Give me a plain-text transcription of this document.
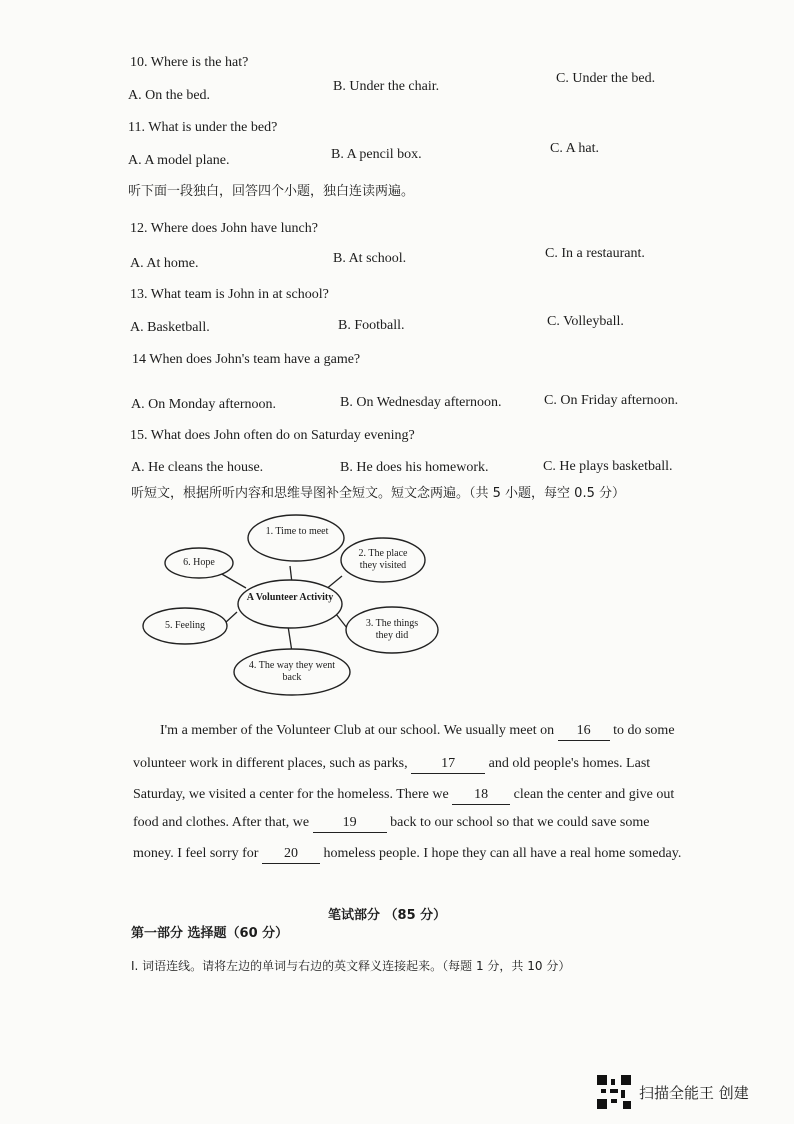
10. Where is the hat?
A. On the bed.
B. Under the chair.
C. Under the bed.
11. What is under the bed?
A. A model plane.	B. A pencil box.	C. A hat.
听下面一段独白，回答四个小题，独白连读两遍。
12. Where does John have lunch?
A. At home.	B. At school.	C. In a restaurant.
13. What team is John in at school?
A. Basketball.	B. Football.	C. Volleyball.
14 When does John's team have a game?
A. On Monday afternoon.	B. On Wednesday afternoon.	C. On Friday afternoon.
15. What does John often do on Saturday evening?
A. He cleans the house.	B. He does his homework.	C. He plays basketball.
听短文，根据所听内容和思维导图补全短文。短文念两遍。（共 5 小题，每空 0.5 分）
A Volunteer Activity
1. Time to meet
2. The place they visited
3. The things they did
4. The way they went back
5. Feeling
6. Hope
I'm a member of the Volunteer Club at our school. We usually meet on 16 to do some
volunteer work in different places, such as parks, 17 and old people's homes. Last
Saturday, we visited a center for the homeless. There we 18 clean the center and give out
food and clothes. After that, we 19 back to our school so that we could save some
money. I feel sorry for 20 homeless people. I hope they can all have a real home someday.
笔试部分 （85 分）
第一部分 选择题（60 分）
I. 词语连线。请将左边的单词与右边的英文释义连接起来。（每题 1 分，共 10 分）
扫描全能王 创建
